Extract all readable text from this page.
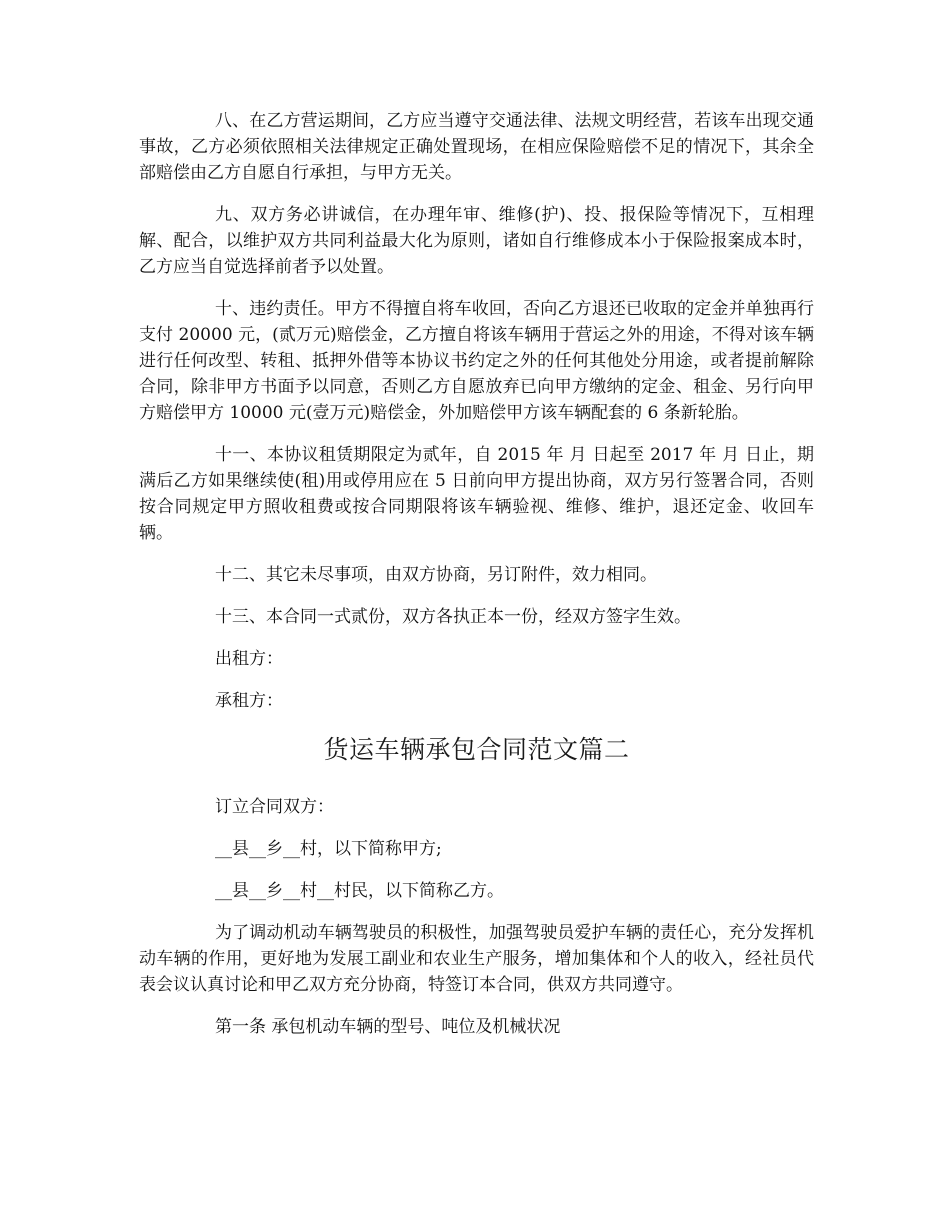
八、在乙方营运期间，乙方应当遵守交通法律、法规文明经营，若该车出现交通事故，乙方必须依照相关法律规定正确处置现场，在相应保险赔偿不足的情况下，其余全部赔偿由乙方自愿自行承担，与甲方无关。

九、双方务必讲诚信，在办理年审、维修(护)、投、报保险等情况下，互相理解、配合，以维护双方共同利益最大化为原则，诸如自行维修成本小于保险报案成本时，乙方应当自觉选择前者予以处置。

十、违约责任。甲方不得擅自将车收回，否向乙方退还已收取的定金并单独再行支付 20000 元，(贰万元)赔偿金，乙方擅自将该车辆用于营运之外的用途，不得对该车辆进行任何改型、转租、抵押外借等本协议书约定之外的任何其他处分用途，或者提前解除合同，除非甲方书面予以同意，否则乙方自愿放弃已向甲方缴纳的定金、租金、另行向甲方赔偿甲方 10000 元(壹万元)赔偿金，外加赔偿甲方该车辆配套的 6 条新轮胎。

十一、本协议租赁期限定为贰年，自 2015 年 月 日起至 2017 年 月 日止，期满后乙方如果继续使(租)用或停用应在 5 日前向甲方提出协商，双方另行签署合同，否则按合同规定甲方照收租费或按合同期限将该车辆验视、维修、维护，退还定金、收回车辆。

十二、其它未尽事项，由双方协商，另订附件，效力相同。

十三、本合同一式贰份，双方各执正本一份，经双方签字生效。

出租方：

承租方：

货运车辆承包合同范文篇二

订立合同双方：

__县__乡__村，以下简称甲方;

__县__乡__村__村民，以下简称乙方。

为了调动机动车辆驾驶员的积极性，加强驾驶员爱护车辆的责任心，充分发挥机动车辆的作用，更好地为发展工副业和农业生产服务，增加集体和个人的收入，经社员代表会议认真讨论和甲乙双方充分协商，特签订本合同，供双方共同遵守。

第一条 承包机动车辆的型号、吨位及机械状况
